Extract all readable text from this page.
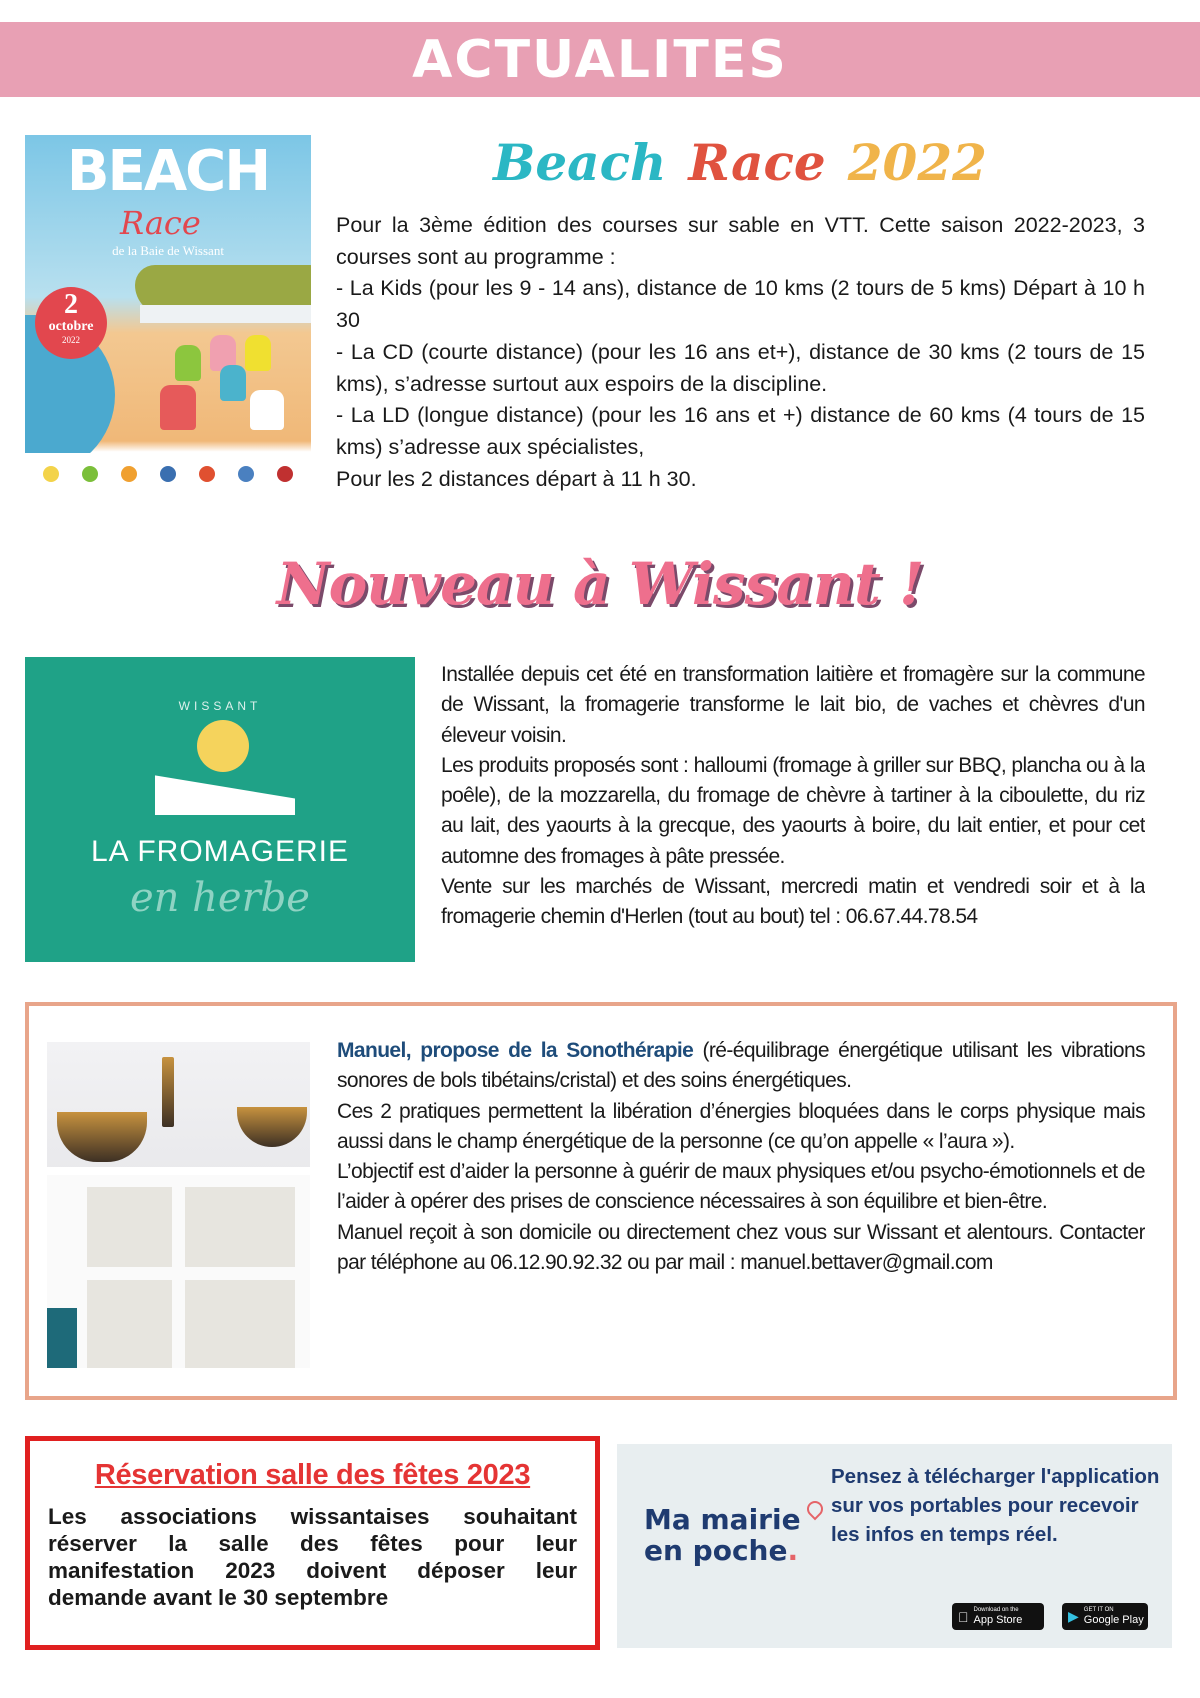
ACTUALITES
BEACH
Race
de la Baie de Wissant
2
octobre
2022
Beach Race 2022

Pour la 3ème édition des courses sur sable en VTT. Cette saison 2022-2023, 3 courses sont au programme :

- La Kids (pour les 9 - 14 ans), distance de 10 kms (2 tours de 5 kms) Départ à 10 h 30

- La CD (courte distance) (pour les 16 ans et+), distance de 30 kms (2 tours de 15 kms), s’adresse surtout aux espoirs de la discipline.

- La LD (longue distance) (pour les 16 ans et +) distance de 60 kms (4 tours de 15 kms) s’adresse aux spécialistes,

Pour les 2 distances départ à 11 h 30.

Nouveau à Wissant !
WISSANT
LA FROMAGERIE
en herbe

Installée depuis cet été en transformation laitière et fromagère sur la commune de Wissant, la fromagerie transforme le lait bio, de vaches et chèvres d'un éleveur voisin.

Les produits proposés sont : halloumi (fromage à griller sur BBQ, plancha ou à la poêle), de la mozzarella, du fromage de chèvre à tartiner à la ciboulette, du riz au lait, des yaourts à la grecque, des yaourts à boire, du lait entier, et pour cet automne des fromages à pâte pressée.

Vente sur les marchés de Wissant, mercredi matin et vendredi soir et à la fromagerie chemin d'Herlen (tout au bout) tel : 06.67.44.78.54

Manuel, propose de la Sonothérapie (ré-équilibrage énergétique utilisant les vibrations sonores de bols tibétains/cristal) et des soins énergétiques.

Ces 2 pratiques permettent la libération d’énergies bloquées dans le corps physique mais aussi dans le champ énergétique de la personne (ce qu’on appelle « l’aura »).

L’objectif est d’aider la personne à guérir de maux physiques et/ou psycho-émotionnels et de l’aider à opérer des prises de conscience nécessaires à son équilibre et bien-être.

Manuel reçoit à son domicile ou directement chez vous sur Wissant et alentours. Contacter par téléphone au 06.12.90.92.32 ou par mail : manuel.bettaver@gmail.com

Réservation salle des fêtes 2023

Les associations wissantaises souhaitant réserver la salle des fêtes pour leur manifestation 2023 doivent déposer leur demande avant le 30 septembre

Ma mairie
en poche.
Pensez à télécharger l'application sur vos portables pour recevoir les infos en temps réel.
Download on the
App Store	▶ GET IT ON
Google Play
